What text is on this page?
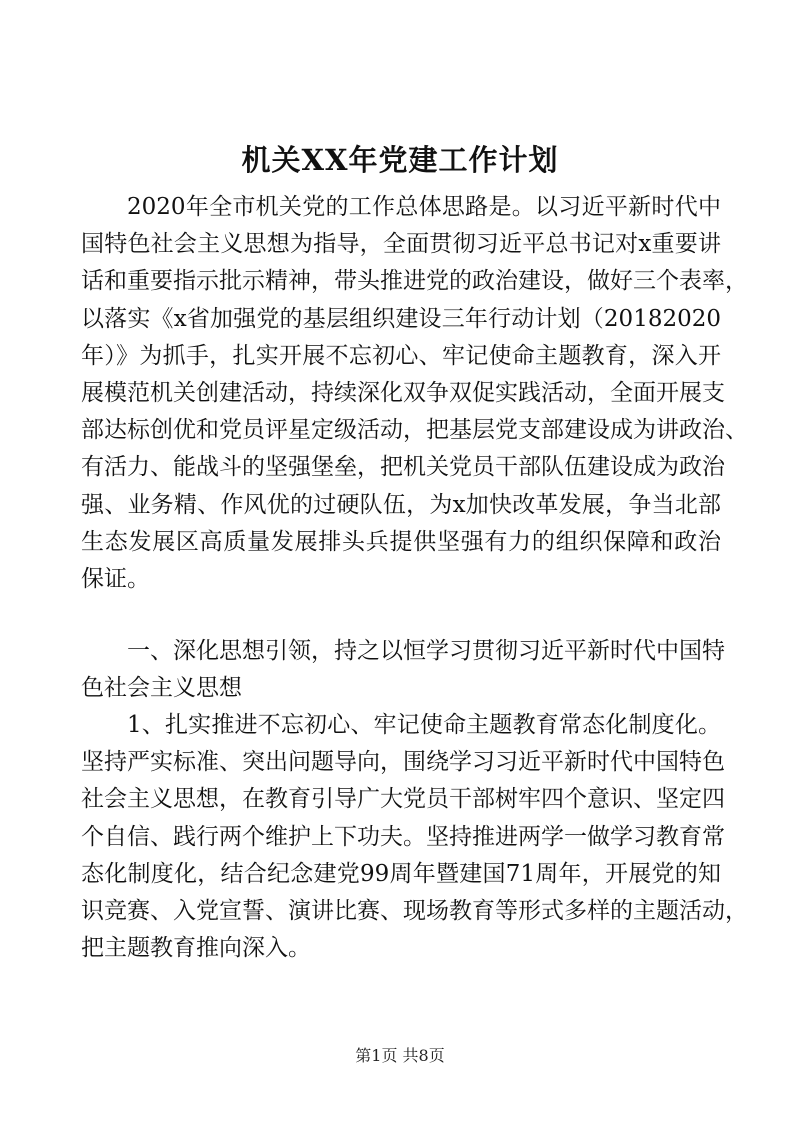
机关XX年党建工作计划
2020年全市机关党的工作总体思路是。以习近平新时代中
国特色社会主义思想为指导，全面贯彻习近平总书记对x重要讲
话和重要指示批示精神，带头推进党的政治建设，做好三个表率，
以落实《x省加强党的基层组织建设三年行动计划（20182020
年）》为抓手，扎实开展不忘初心、牢记使命主题教育，深入开
展模范机关创建活动，持续深化双争双促实践活动，全面开展支
部达标创优和党员评星定级活动，把基层党支部建设成为讲政治、
有活力、能战斗的坚强堡垒，把机关党员干部队伍建设成为政治
强、业务精、作风优的过硬队伍，为x加快改革发展，争当北部
生态发展区高质量发展排头兵提供坚强有力的组织保障和政治
保证。
一、深化思想引领，持之以恒学习贯彻习近平新时代中国特
色社会主义思想
1、扎实推进不忘初心、牢记使命主题教育常态化制度化。
坚持严实标准、突出问题导向，围绕学习习近平新时代中国特色
社会主义思想，在教育引导广大党员干部树牢四个意识、坚定四
个自信、践行两个维护上下功夫。坚持推进两学一做学习教育常
态化制度化，结合纪念建党99周年暨建国71周年，开展党的知
识竞赛、入党宣誓、演讲比赛、现场教育等形式多样的主题活动，
把主题教育推向深入。
第1页 共8页
